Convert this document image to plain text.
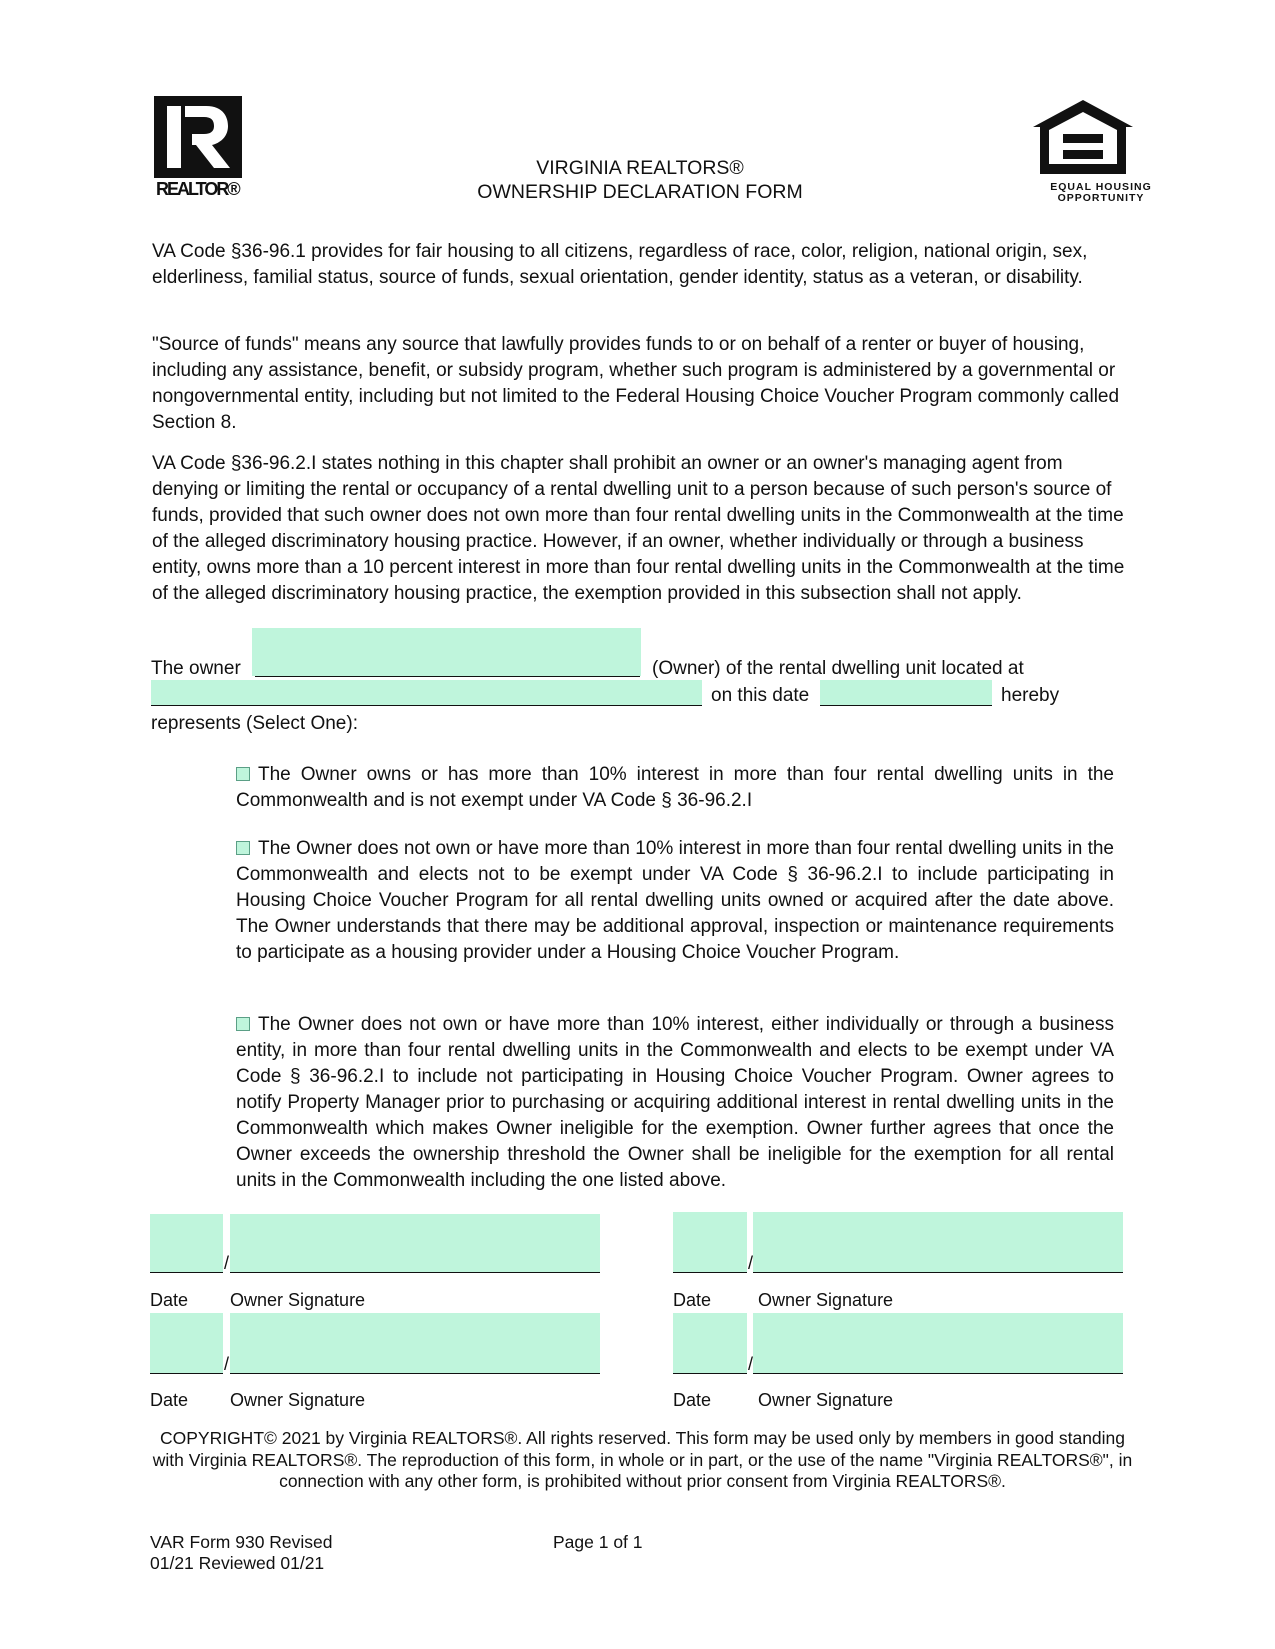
REALTOR®	EQUAL HOUSING
OPPORTUNITY
VIRGINIA REALTORS®
OWNERSHIP DECLARATION FORM

VA Code §36-96.1 provides for fair housing to all citizens, regardless of race, color, religion, national origin, sex, elderliness, familial status, source of funds, sexual orientation, gender identity, status as a veteran, or disability.

"Source of funds" means any source that lawfully provides funds to or on behalf of a renter or buyer of housing, including any assistance, benefit, or subsidy program, whether such program is administered by a governmental or nongovernmental entity, including but not limited to the Federal Housing Choice Voucher Program commonly called Section 8.

VA Code §36-96.2.I states nothing in this chapter shall prohibit an owner or an owner's managing agent from denying or limiting the rental or occupancy of a rental dwelling unit to a person because of such person's source of funds, provided that such owner does not own more than four rental dwelling units in the Commonwealth at the time of the alleged discriminatory housing practice. However, if an owner, whether individually or through a business entity, owns more than a 10 percent interest in more than four rental dwelling units in the Commonwealth at the time of the alleged discriminatory housing practice, the exemption provided in this subsection shall not apply.

The owner	(Owner) of the rental dwelling unit located at
on this date	hereby
represents (Select One):

The Owner owns or has more than 10% interest in more than four rental dwelling units in the Commonwealth and is not exempt under VA Code § 36-96.2.I

The Owner does not own or have more than 10% interest in more than four rental dwelling units in the Commonwealth and elects not to be exempt under VA Code § 36-96.2.I to include participating in Housing Choice Voucher Program for all rental dwelling units owned or acquired after the date above. The Owner understands that there may be additional approval, inspection or maintenance requirements to participate as a housing provider under a Housing Choice Voucher Program.

The Owner does not own or have more than 10% interest, either individually or through a business entity, in more than four rental dwelling units in the Commonwealth and elects to be exempt under VA Code § 36-96.2.I to include not participating in Housing Choice Voucher Program. Owner agrees to notify Property Manager prior to purchasing or acquiring additional interest in rental dwelling units in the Commonwealth which makes Owner ineligible for the exemption. Owner further agrees that once the Owner exceeds the ownership threshold the Owner shall be ineligible for the exemption for all rental units in the Commonwealth including the one listed above.

/
Date Owner Signature
/
Date	Owner Signature
/
Date Owner Signature
/
Date	Owner Signature
COPYRIGHT© 2021 by Virginia REALTORS®. All rights reserved. This form may be used only by members in good standing with Virginia REALTORS®. The reproduction of this form, in whole or in part, or the use of the name "Virginia REALTORS®", in connection with any other form, is prohibited without prior consent from Virginia REALTORS®.
VAR Form 930 Revised
01/21 Reviewed 01/21
Page 1 of 1
